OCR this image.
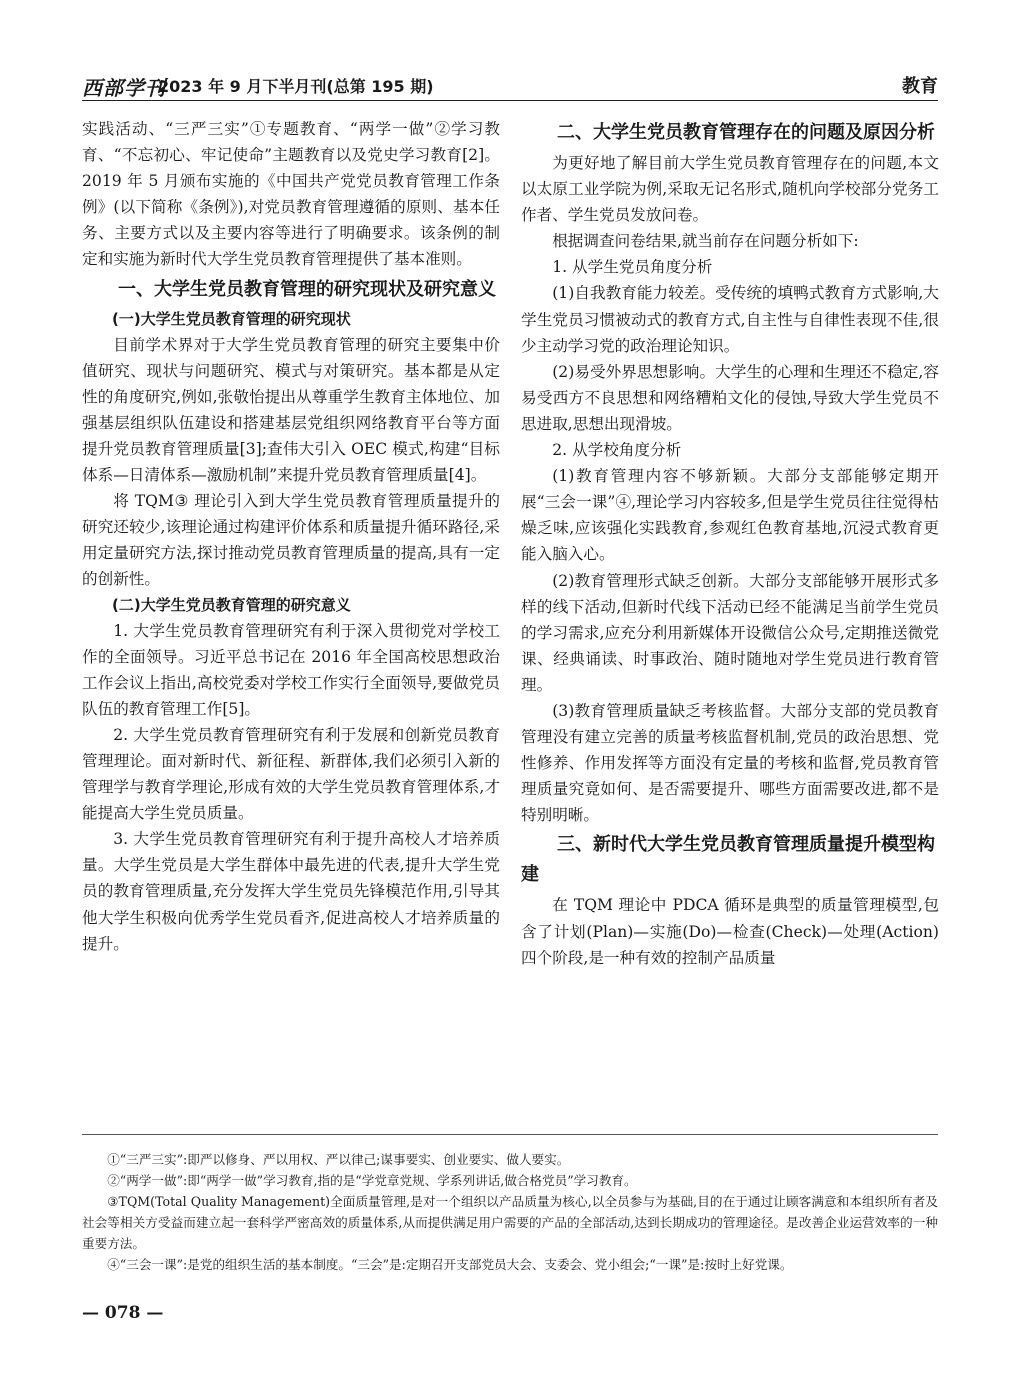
西部学刊
2023 年 9 月下半月刊(总第 195 期)	教育

实践活动、“三严三实”①专题教育、“两学一做”②学习教育、“不忘初心、牢记使命”主题教育以及党史学习教育[2]。2019 年 5 月颁布实施的《中国共产党党员教育管理工作条例》(以下简称《条例》),对党员教育管理遵循的原则、基本任务、主要方式以及主要内容等进行了明确要求。该条例的制定和实施为新时代大学生党员教育管理提供了基本准则。

一、大学生党员教育管理的研究现状及研究意义
(一)大学生党员教育管理的研究现状

目前学术界对于大学生党员教育管理的研究主要集中价值研究、现状与问题研究、模式与对策研究。基本都是从定性的角度研究,例如,张敬怡提出从尊重学生教育主体地位、加强基层组织队伍建设和搭建基层党组织网络教育平台等方面提升党员教育管理质量[3];查伟大引入 OEC 模式,构建“目标体系—日清体系—激励机制”来提升党员教育管理质量[4]。

将 TQM③ 理论引入到大学生党员教育管理质量提升的研究还较少,该理论通过构建评价体系和质量提升循环路径,采用定量研究方法,探讨推动党员教育管理质量的提高,具有一定的创新性。

(二)大学生党员教育管理的研究意义

1. 大学生党员教育管理研究有利于深入贯彻党对学校工作的全面领导。习近平总书记在 2016 年全国高校思想政治工作会议上指出,高校党委对学校工作实行全面领导,要做党员队伍的教育管理工作[5]。

2. 大学生党员教育管理研究有利于发展和创新党员教育管理理论。面对新时代、新征程、新群体,我们必须引入新的管理学与教育学理论,形成有效的大学生党员教育管理体系,才能提高大学生党员质量。

3. 大学生党员教育管理研究有利于提升高校人才培养质量。大学生党员是大学生群体中最先进的代表,提升大学生党员的教育管理质量,充分发挥大学生党员先锋模范作用,引导其他大学生积极向优秀学生党员看齐,促进高校人才培养质量的提升。

二、大学生党员教育管理存在的问题及原因分析

为更好地了解目前大学生党员教育管理存在的问题,本文以太原工业学院为例,采取无记名形式,随机向学校部分党务工作者、学生党员发放问卷。

根据调查问卷结果,就当前存在问题分析如下:

1. 从学生党员角度分析

(1)自我教育能力较差。受传统的填鸭式教育方式影响,大学生党员习惯被动式的教育方式,自主性与自律性表现不佳,很少主动学习党的政治理论知识。

(2)易受外界思想影响。大学生的心理和生理还不稳定,容易受西方不良思想和网络糟粕文化的侵蚀,导致大学生党员不思进取,思想出现滑坡。

2. 从学校角度分析

(1)教育管理内容不够新颖。大部分支部能够定期开展“三会一课”④,理论学习内容较多,但是学生党员往往觉得枯燥乏味,应该强化实践教育,参观红色教育基地,沉浸式教育更能入脑入心。

(2)教育管理形式缺乏创新。大部分支部能够开展形式多样的线下活动,但新时代线下活动已经不能满足当前学生党员的学习需求,应充分利用新媒体开设微信公众号,定期推送微党课、经典诵读、时事政治、随时随地对学生党员进行教育管理。

(3)教育管理质量缺乏考核监督。大部分支部的党员教育管理没有建立完善的质量考核监督机制,党员的政治思想、党性修养、作用发挥等方面没有定量的考核和监督,党员教育管理质量究竟如何、是否需要提升、哪些方面需要改进,都不是特别明晰。

三、新时代大学生党员教育管理质量提升模型构建

在 TQM 理论中 PDCA 循环是典型的质量管理模型,包含了计划(Plan)—实施(Do)—检查(Check)—处理(Action)四个阶段,是一种有效的控制产品质量

①“三严三实”:即严以修身、严以用权、严以律己;谋事要实、创业要实、做人要实。

②“两学一做”:即“两学一做”学习教育,指的是“学党章党规、学系列讲话,做合格党员”学习教育。

③TQM(Total Quality Management)全面质量管理,是对一个组织以产品质量为核心,以全员参与为基础,目的在于通过让顾客满意和本组织所有者及社会等相关方受益而建立起一套科学严密高效的质量体系,从而提供满足用户需要的产品的全部活动,达到长期成功的管理途径。是改善企业运营效率的一种重要方法。

④“三会一课”:是党的组织生活的基本制度。“三会”是:定期召开支部党员大会、支委会、党小组会;“一课”是:按时上好党课。

— 078 —
